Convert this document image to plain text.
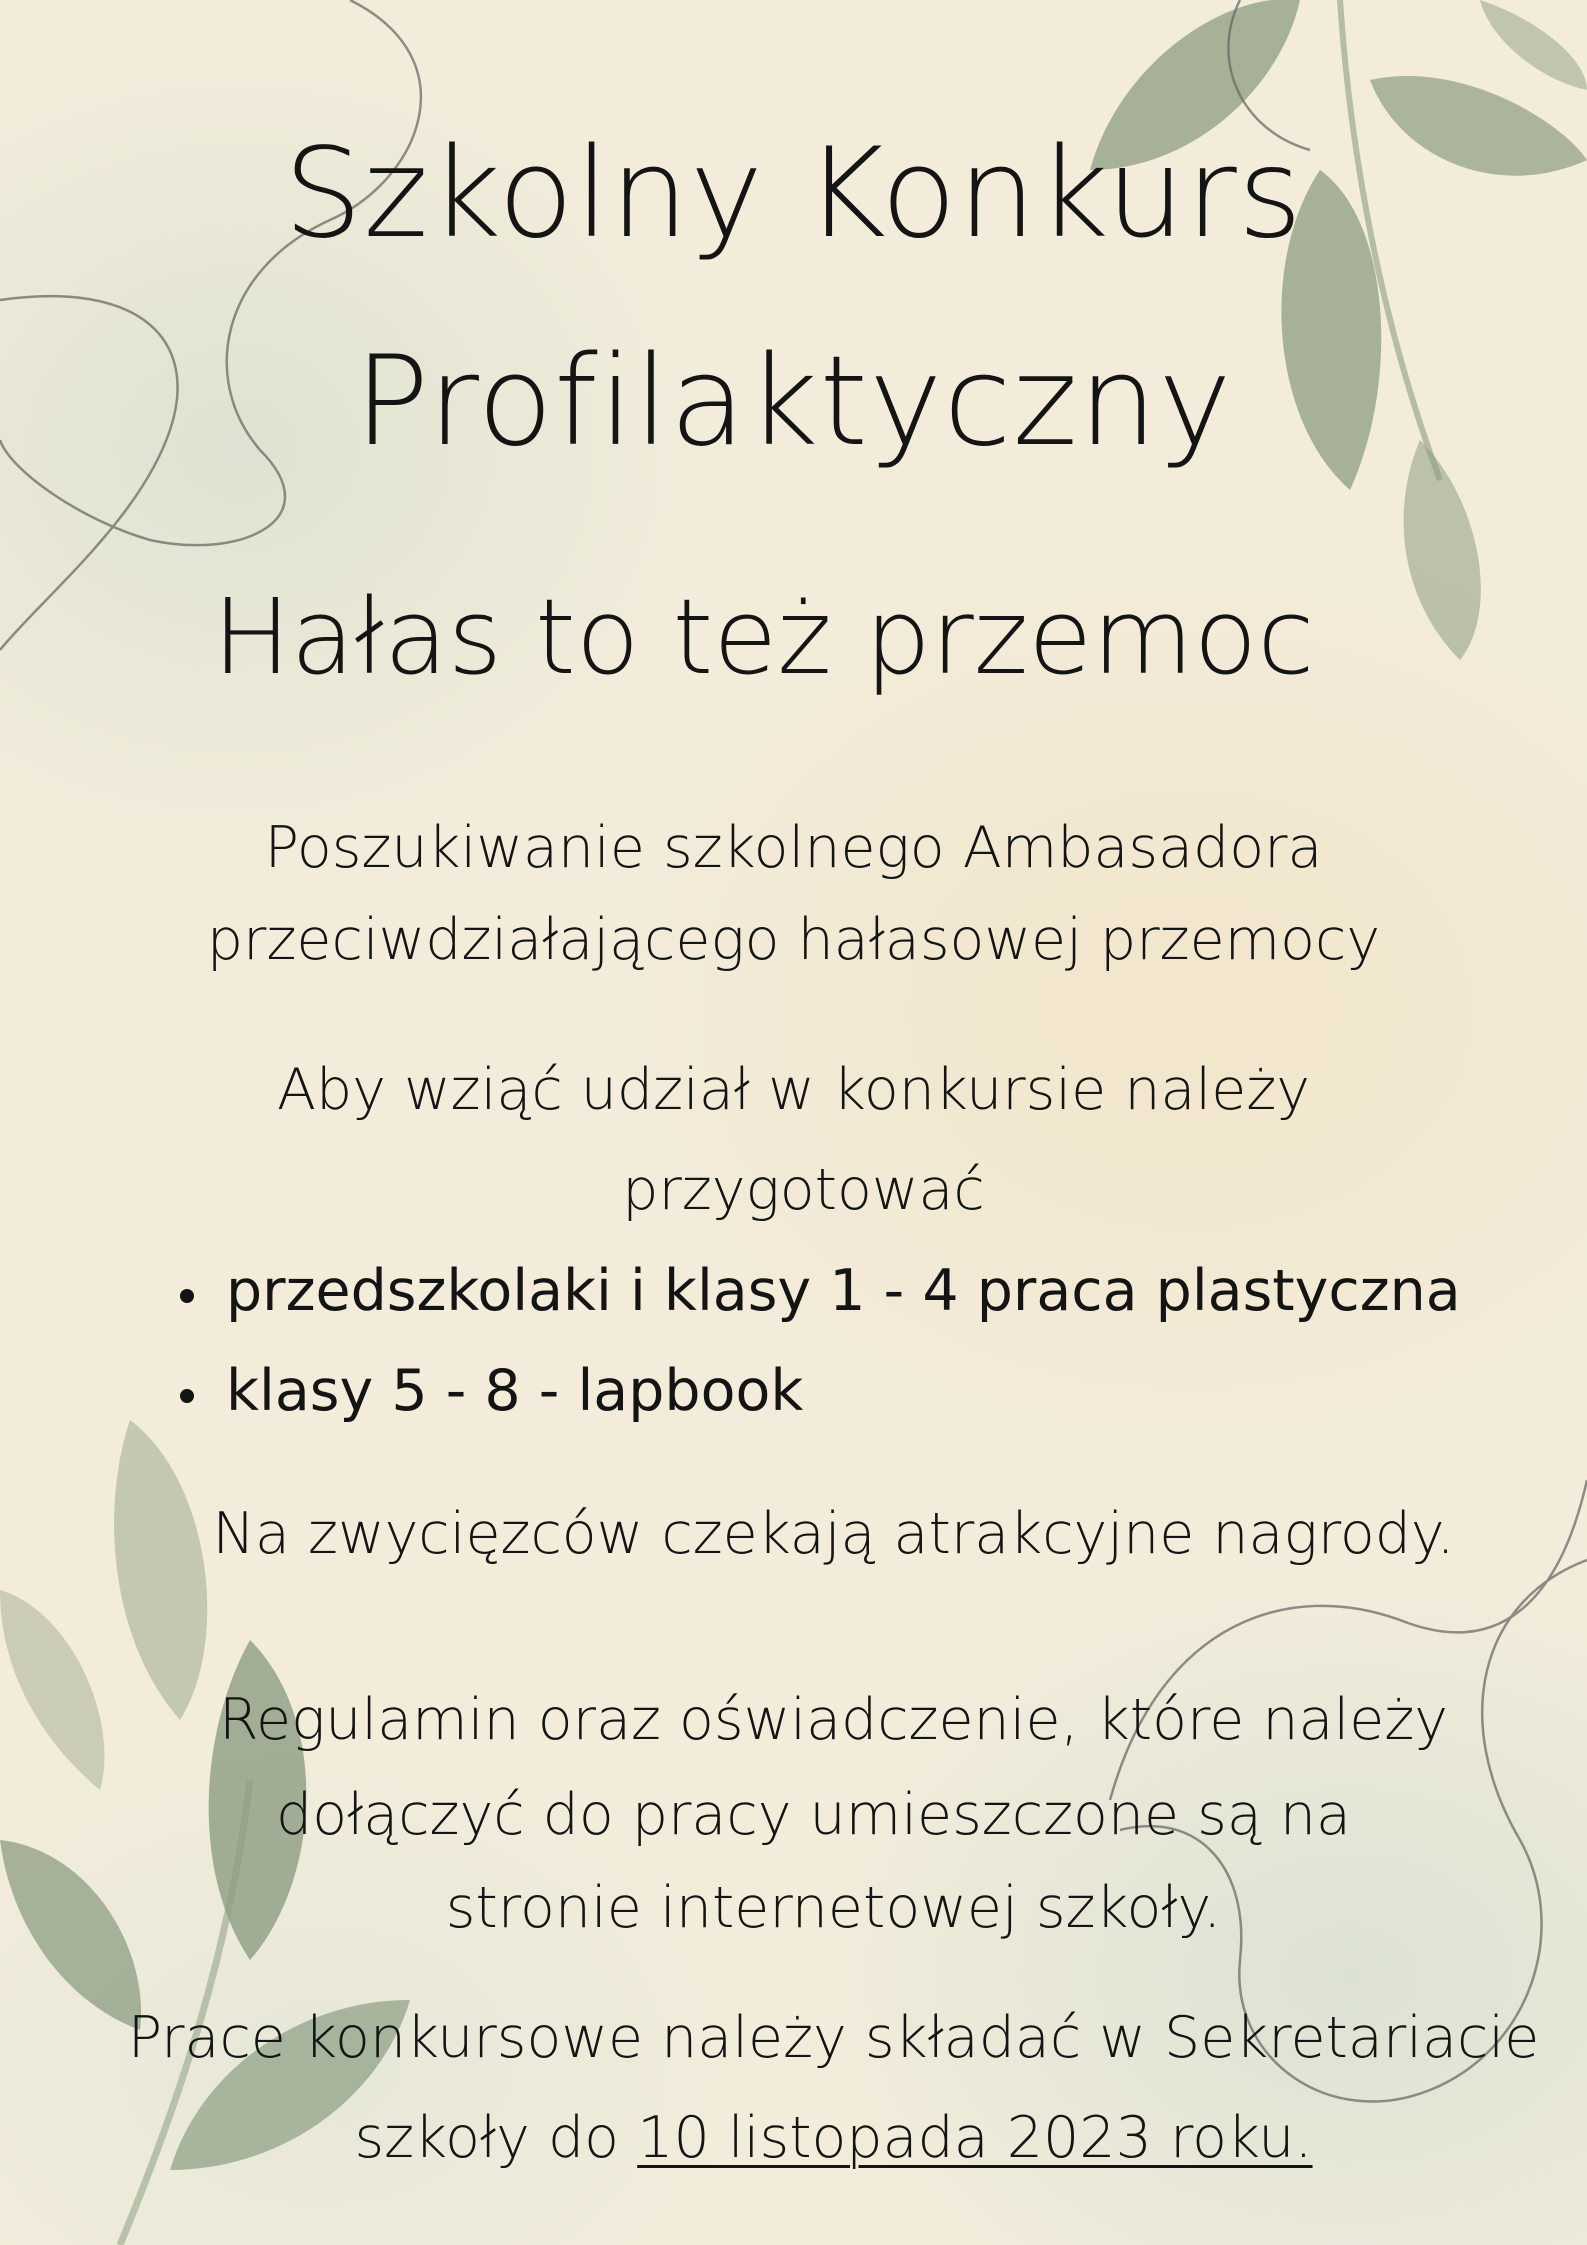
Szkolny Konkurs
Profilaktyczny
Hałas to też przemoc
Poszukiwanie szkolnego Ambasadora
przeciwdziałającego hałasowej przemocy
Aby wziąć udział w konkursie należy
przygotować
przedszkolaki i klasy 1 - 4 praca plastyczna
klasy 5 - 8 - lapbook
Na zwycięzców czekają atrakcyjne nagrody.
Regulamin oraz oświadczenie, które należy
dołączyć do pracy umieszczone są na
stronie internetowej szkoły.
Prace konkursowe należy składać w Sekretariacie
szkoły do 10 listopada 2023 roku.
